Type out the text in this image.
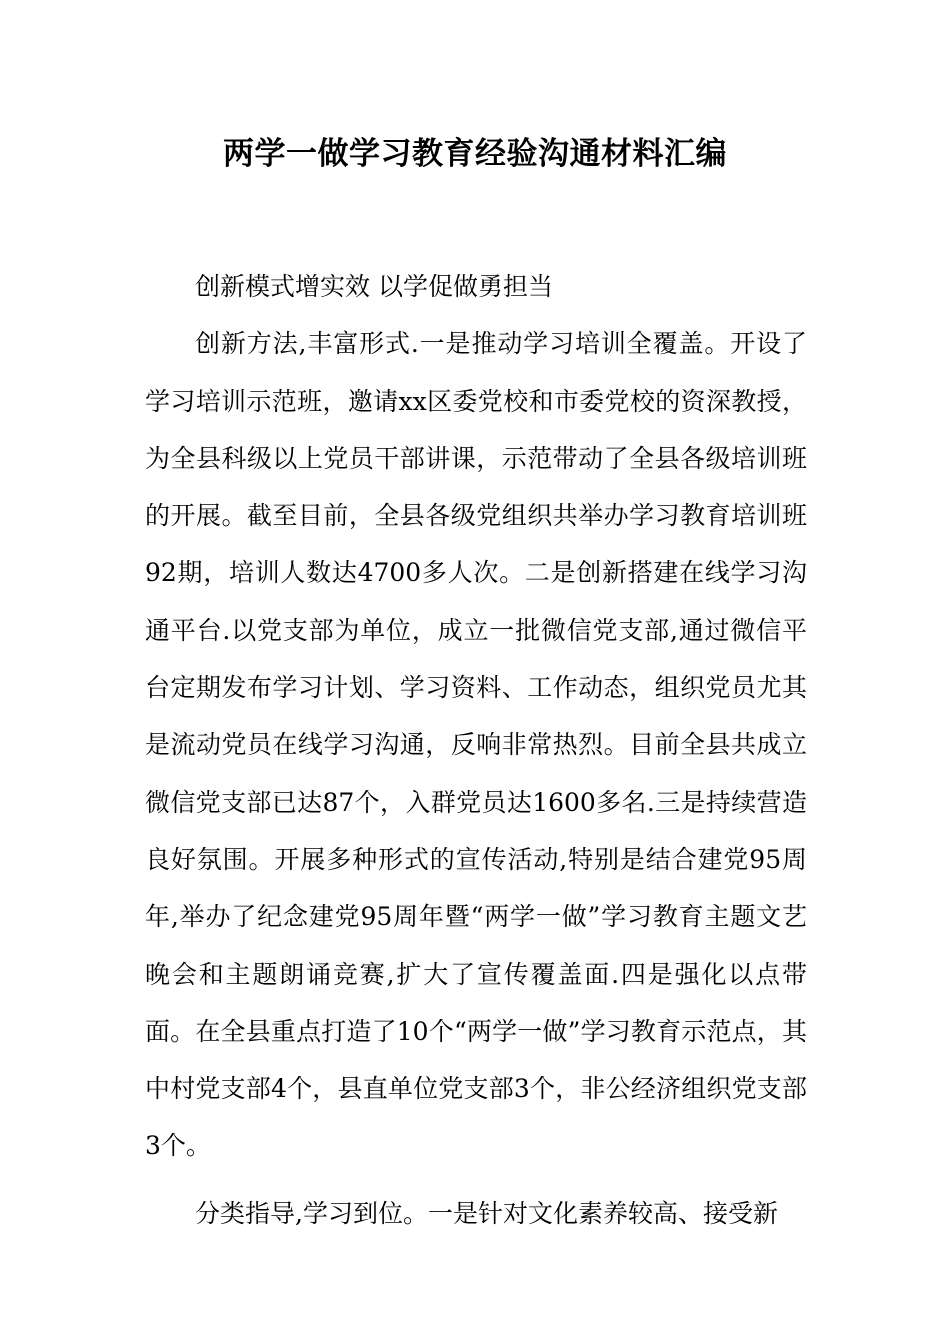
两学一做学习教育经验沟通材料汇编

创新模式增实效 以学促做勇担当

创新方法,丰富形式.一是推动学习培训全覆盖。开设了学习培训示范班，邀请xx区委党校和市委党校的资深教授，为全县科级以上党员干部讲课，示范带动了全县各级培训班的开展。截至目前，全县各级党组织共举办学习教育培训班92期，培训人数达4700多人次。二是创新搭建在线学习沟通平台.以党支部为单位，成立一批微信党支部,通过微信平台定期发布学习计划、学习资料、工作动态，组织党员尤其是流动党员在线学习沟通，反响非常热烈。目前全县共成立微信党支部已达87个，入群党员达1600多名.三是持续营造良好氛围。开展多种形式的宣传活动,特别是结合建党95周年,举办了纪念建党95周年暨“两学一做”学习教育主题文艺晚会和主题朗诵竞赛,扩大了宣传覆盖面.四是强化以点带面。在全县重点打造了10个“两学一做”学习教育示范点，其中村党支部4个，县直单位党支部3个，非公经济组织党支部3个。

分类指导,学习到位。一是针对文化素养较高、接受新
